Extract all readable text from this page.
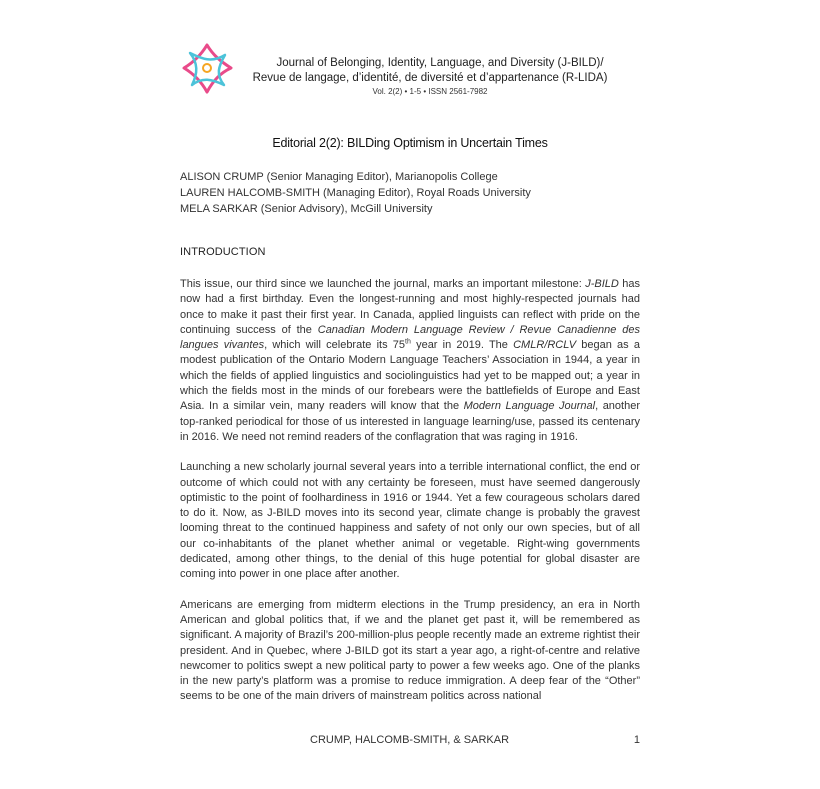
Journal of Belonging, Identity, Language, and Diversity (J-BILD)/
Revue de langage, d’identité, de diversité et d’appartenance (R-LIDA)
Vol. 2(2) • 1-5 • ISSN 2561-7982
Editorial 2(2): BILDing Optimism in Uncertain Times
ALISON CRUMP (Senior Managing Editor), Marianopolis College
LAUREN HALCOMB-SMITH (Managing Editor), Royal Roads University
MELA SARKAR (Senior Advisory), McGill University
INTRODUCTION

This issue, our third since we launched the journal, marks an important milestone: J-BILD has now had a first birthday. Even the longest-running and most highly-respected journals had once to make it past their first year. In Canada, applied linguists can reflect with pride on the continuing success of the Canadian Modern Language Review / Revue Canadienne des langues vivantes, which will celebrate its 75th year in 2019. The CMLR/RCLV began as a modest publication of the Ontario Modern Language Teachers’ Association in 1944, a year in which the fields of applied linguistics and sociolinguistics had yet to be mapped out; a year in which the fields most in the minds of our forebears were the battlefields of Europe and East Asia. In a similar vein, many readers will know that the Modern Language Journal, another top-ranked periodical for those of us interested in language learning/use, passed its centenary in 2016. We need not remind readers of the conflagration that was raging in 1916.

Launching a new scholarly journal several years into a terrible international conflict, the end or outcome of which could not with any certainty be foreseen, must have seemed dangerously optimistic to the point of foolhardiness in 1916 or 1944. Yet a few courageous scholars dared to do it. Now, as J-BILD moves into its second year, climate change is probably the gravest looming threat to the continued happiness and safety of not only our own species, but of all our co-inhabitants of the planet whether animal or vegetable. Right-wing governments dedicated, among other things, to the denial of this huge potential for global disaster are coming into power in one place after another.

Americans are emerging from midterm elections in the Trump presidency, an era in North American and global politics that, if we and the planet get past it, will be remembered as significant. A majority of Brazil’s 200-million-plus people recently made an extreme rightist their president. And in Quebec, where J-BILD got its start a year ago, a right-of-centre and relative newcomer to politics swept a new political party to power a few weeks ago. One of the planks in the new party’s platform was a promise to reduce immigration. A deep fear of the “Other” seems to be one of the main drivers of mainstream politics across national

CRUMP, HALCOMB-SMITH, & SARKAR	1
